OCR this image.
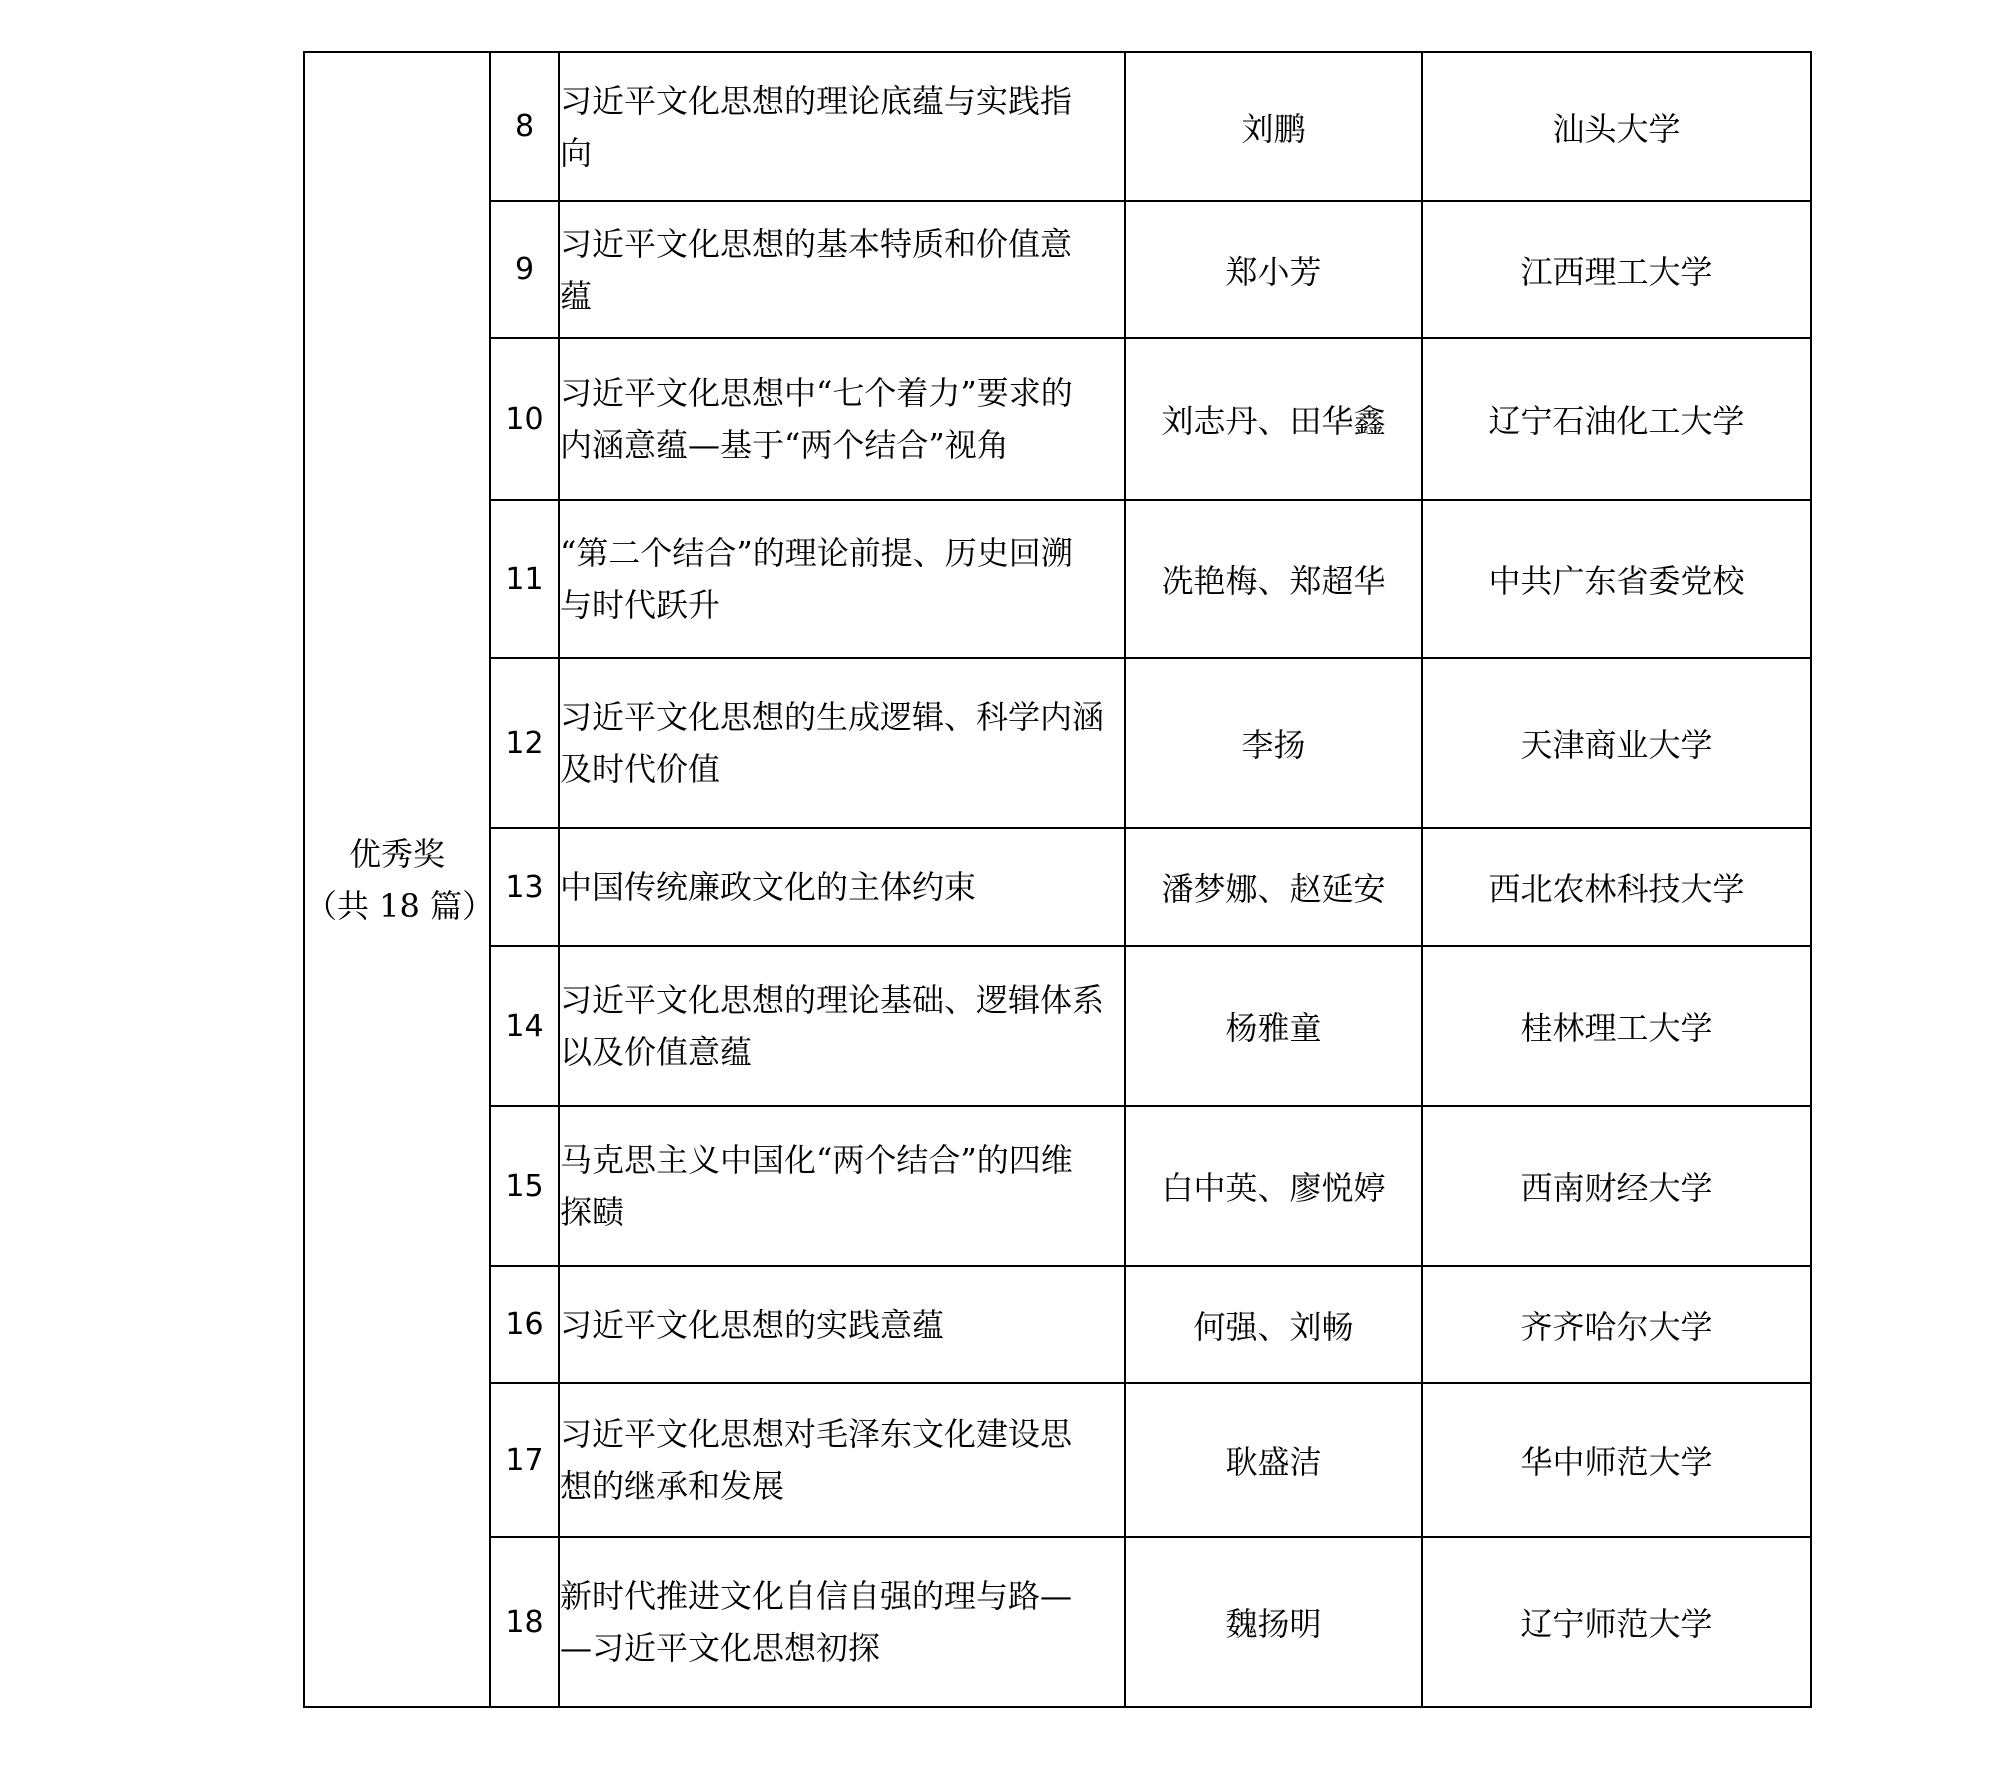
优秀奖
（共 18 篇）	8	习近平文化思想的理论底蕴与实践指
向	刘鹏	汕头大学
	9	习近平文化思想的基本特质和价值意
蕴	郑小芳	江西理工大学
	10	习近平文化思想中“七个着力”要求的
内涵意蕴—基于“两个结合”视角	刘志丹、田华鑫	辽宁石油化工大学
	11	“第二个结合”的理论前提、历史回溯
与时代跃升	冼艳梅、郑超华	中共广东省委党校
	12	习近平文化思想的生成逻辑、科学内涵
及时代价值	李扬	天津商业大学
	13	中国传统廉政文化的主体约束	潘梦娜、赵延安	西北农林科技大学
	14	习近平文化思想的理论基础、逻辑体系
以及价值意蕴	杨雅童	桂林理工大学
	15	马克思主义中国化“两个结合”的四维
探赜	白中英、廖悦婷	西南财经大学
	16	习近平文化思想的实践意蕴	何强、刘畅	齐齐哈尔大学
	17	习近平文化思想对毛泽东文化建设思
想的继承和发展	耿盛洁	华中师范大学
	18	新时代推进文化自信自强的理与路—
—习近平文化思想初探	魏扬明	辽宁师范大学
